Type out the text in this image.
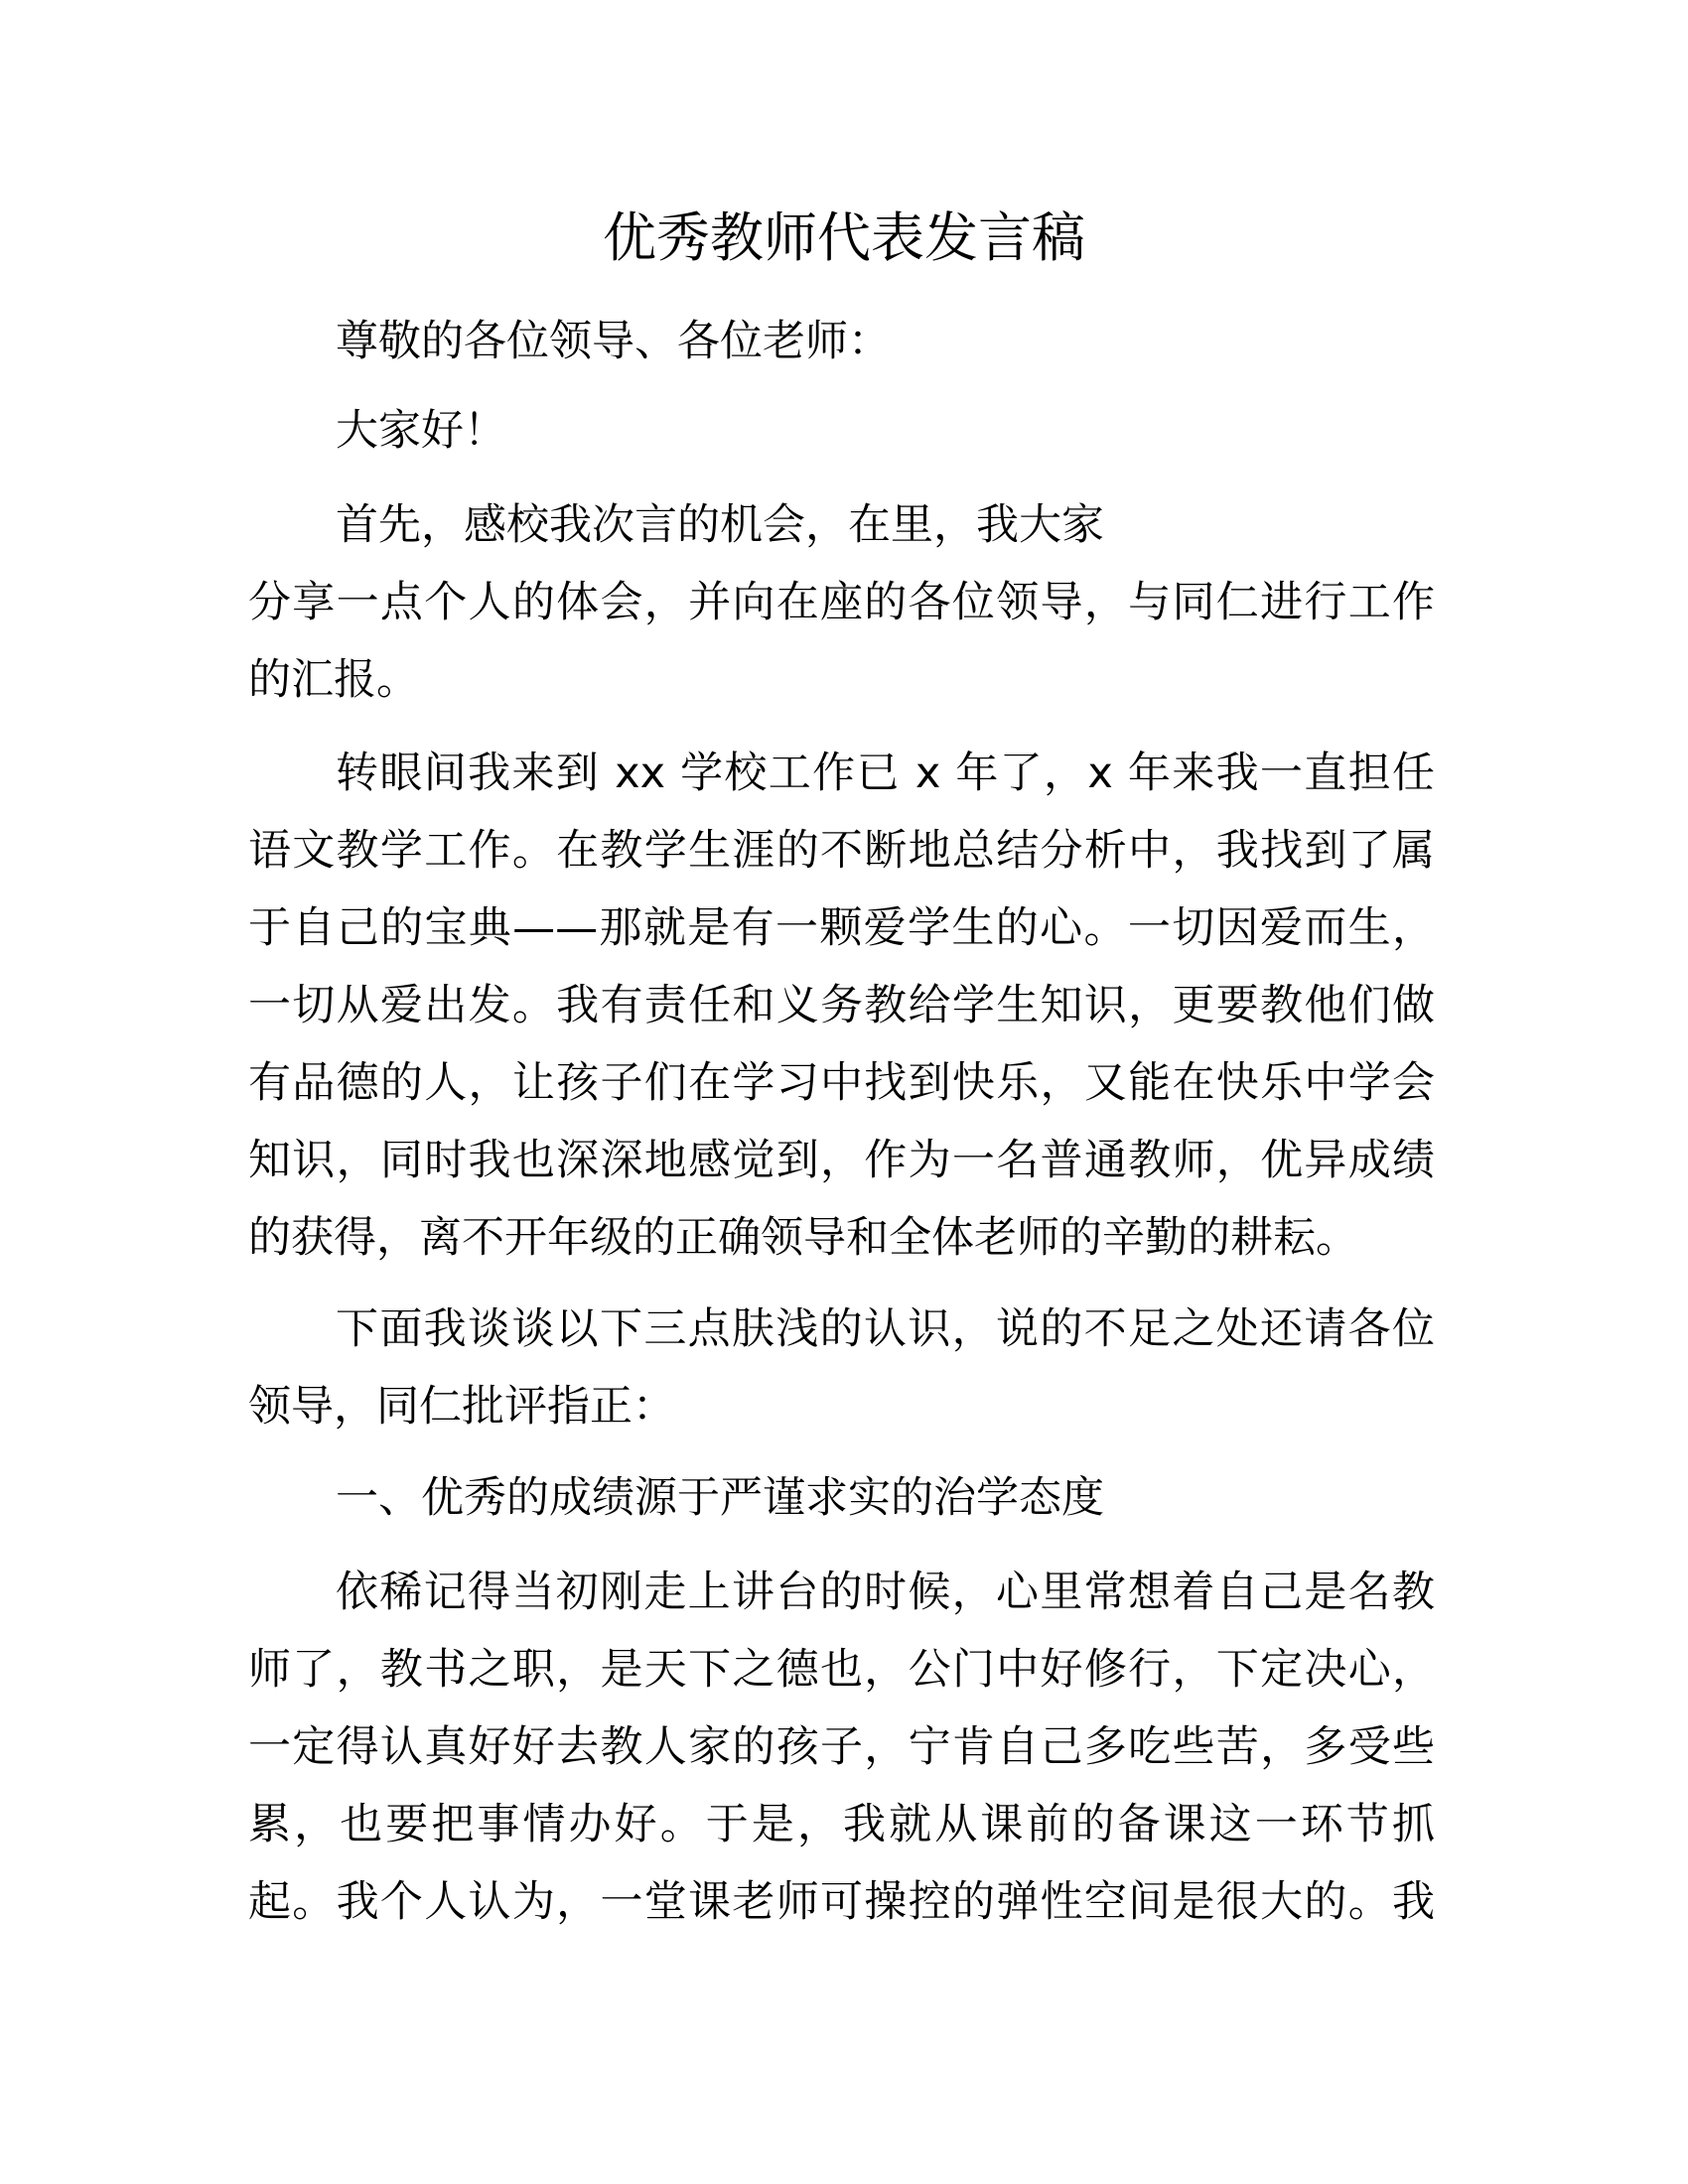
优秀教师代表发言稿
尊敬的各位领导、各位老师：
大家好！
首先，感校我次言的机会，在里，我大家
分享一点个人的体会，并向在座的各位领导，与同仁进行工作
的汇报。
转眼间我来到 xx 学校工作已 x 年了，x 年来我一直担任
语文教学工作。在教学生涯的不断地总结分析中，我找到了属
于自己的宝典——那就是有一颗爱学生的心。一切因爱而生，
一切从爱出发。我有责任和义务教给学生知识，更要教他们做
有品德的人，让孩子们在学习中找到快乐，又能在快乐中学会
知识，同时我也深深地感觉到，作为一名普通教师，优异成绩
的获得，离不开年级的正确领导和全体老师的辛勤的耕耘。
下面我谈谈以下三点肤浅的认识，说的不足之处还请各位
领导，同仁批评指正：
一、优秀的成绩源于严谨求实的治学态度
依稀记得当初刚走上讲台的时候，心里常想着自己是名教
师了，教书之职，是天下之德也，公门中好修行，下定决心，
一定得认真好好去教人家的孩子，宁肯自己多吃些苦，多受些
累，也要把事情办好。于是，我就从课前的备课这一环节抓
起。我个人认为，一堂课老师可操控的弹性空间是很大的。我
